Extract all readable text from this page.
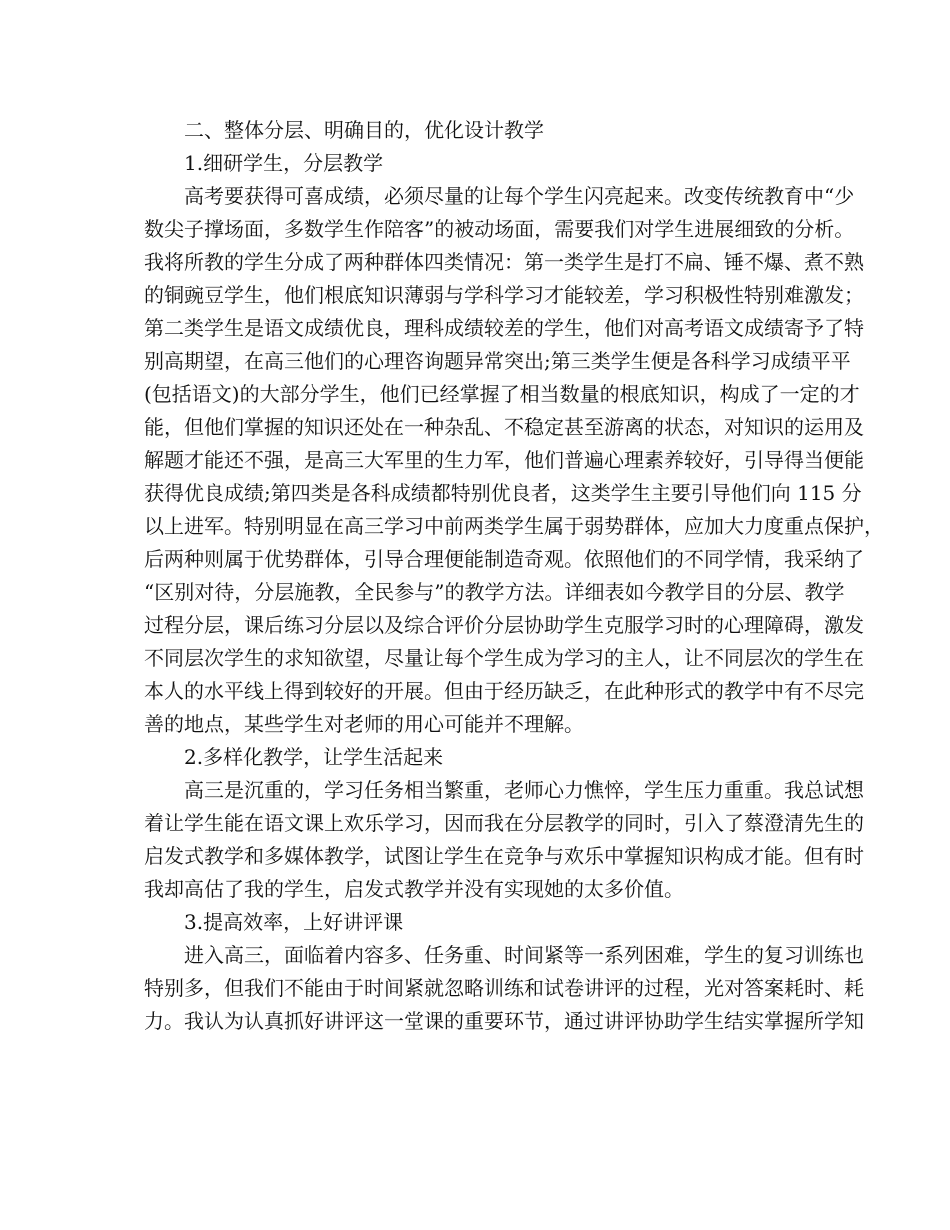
二、整体分层、明确目的，优化设计教学

1.细研学生，分层教学

高考要获得可喜成绩，必须尽量的让每个学生闪亮起来。改变传统教育中“少
数尖子撑场面，多数学生作陪客”的被动场面，需要我们对学生进展细致的分析。
我将所教的学生分成了两种群体四类情况：第一类学生是打不扁、锤不爆、煮不熟
的铜豌豆学生，他们根底知识薄弱与学科学习才能较差，学习积极性特别难激发；
第二类学生是语文成绩优良，理科成绩较差的学生，他们对高考语文成绩寄予了特
别高期望，在高三他们的心理咨询题异常突出;第三类学生便是各科学习成绩平平
(包括语文)的大部分学生，他们已经掌握了相当数量的根底知识，构成了一定的才
能，但他们掌握的知识还处在一种杂乱、不稳定甚至游离的状态，对知识的运用及
解题才能还不强，是高三大军里的生力军，他们普遍心理素养较好，引导得当便能
获得优良成绩;第四类是各科成绩都特别优良者，这类学生主要引导他们向 115 分
以上进军。特别明显在高三学习中前两类学生属于弱势群体，应加大力度重点保护，
后两种则属于优势群体，引导合理便能制造奇观。依照他们的不同学情，我采纳了
“区别对待，分层施教，全民参与”的教学方法。详细表如今教学目的分层、教学
过程分层，课后练习分层以及综合评价分层协助学生克服学习时的心理障碍，激发
不同层次学生的求知欲望，尽量让每个学生成为学习的主人，让不同层次的学生在
本人的水平线上得到较好的开展。但由于经历缺乏，在此种形式的教学中有不尽完
善的地点，某些学生对老师的用心可能并不理解。

2.多样化教学，让学生活起来

高三是沉重的，学习任务相当繁重，老师心力憔悴，学生压力重重。我总试想
着让学生能在语文课上欢乐学习，因而我在分层教学的同时，引入了蔡澄清先生的
启发式教学和多媒体教学，试图让学生在竞争与欢乐中掌握知识构成才能。但有时
我却高估了我的学生，启发式教学并没有实现她的太多价值。

3.提高效率，上好讲评课

进入高三，面临着内容多、任务重、时间紧等一系列困难，学生的复习训练也
特别多，但我们不能由于时间紧就忽略训练和试卷讲评的过程，光对答案耗时、耗
力。我认为认真抓好讲评这一堂课的重要环节，通过讲评协助学生结实掌握所学知
